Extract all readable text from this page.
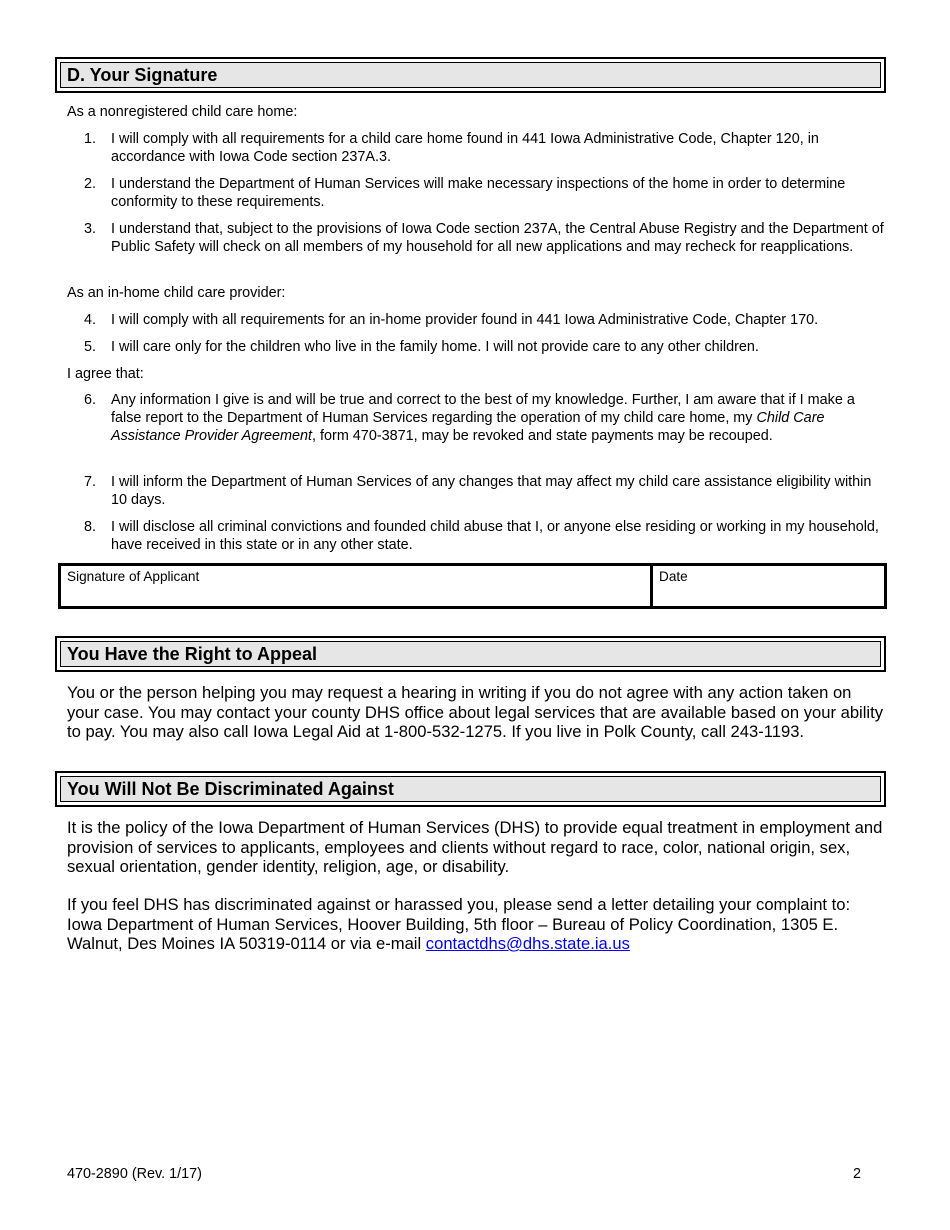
D. Your Signature
As a nonregistered child care home:
1.	I will comply with all requirements for a child care home found in 441 Iowa Administrative Code, Chapter 120, in accordance with Iowa Code section 237A.3.
2.	I understand the Department of Human Services will make necessary inspections of the home in order to determine conformity to these requirements.
3.	I understand that, subject to the provisions of Iowa Code section 237A, the Central Abuse Registry and the Department of Public Safety will check on all members of my household for all new applications and may recheck for reapplications.
As an in-home child care provider:
4.	I will comply with all requirements for an in-home provider found in 441 Iowa Administrative Code, Chapter 170.
5.	I will care only for the children who live in the family home. I will not provide care to any other children.
I agree that:
6.	Any information I give is and will be true and correct to the best of my knowledge. Further, I am aware that if I make a false report to the Department of Human Services regarding the operation of my child care home, my Child Care Assistance Provider Agreement, form 470-3871, may be revoked and state payments may be recouped.
7.	I will inform the Department of Human Services of any changes that may affect my child care assistance eligibility within 10 days.
8.	I will disclose all criminal convictions and founded child abuse that I, or anyone else residing or working in my household, have received in this state or in any other state.
Signature of Applicant	Date
You Have the Right to Appeal
You or the person helping you may request a hearing in writing if you do not agree with any action taken on your case. You may contact your county DHS office about legal services that are available based on your ability to pay. You may also call Iowa Legal Aid at 1-800-532-1275. If you live in Polk County, call 243-1193.
You Will Not Be Discriminated Against
It is the policy of the Iowa Department of Human Services (DHS) to provide equal treatment in employment and provision of services to applicants, employees and clients without regard to race, color, national origin, sex, sexual orientation, gender identity, religion, age, or disability.
If you feel DHS has discriminated against or harassed you, please send a letter detailing your complaint to: Iowa Department of Human Services, Hoover Building, 5th floor – Bureau of Policy Coordination, 1305 E. Walnut, Des Moines IA 50319-0114 or via e-mail contactdhs@dhs.state.ia.us
470-2890 (Rev. 1/17)	2
